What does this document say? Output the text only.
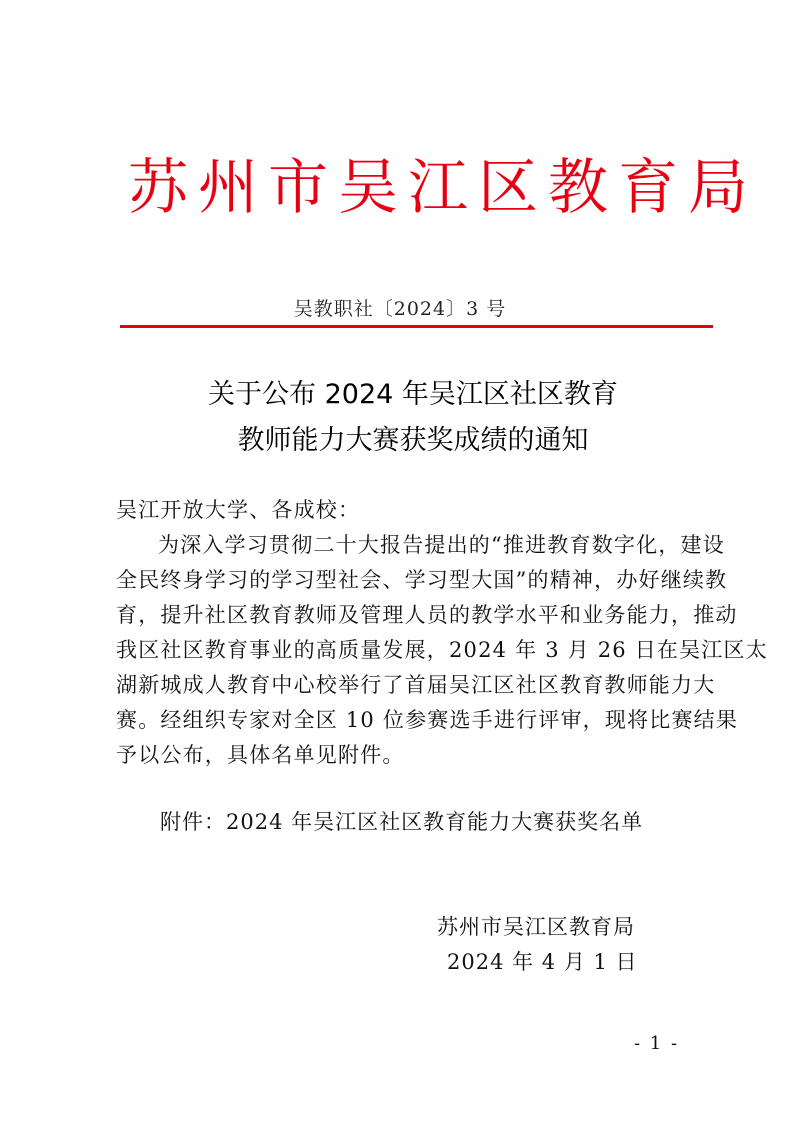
苏州市吴江区教育局
吴教职社〔2024〕3 号
关于公布 2024 年吴江区社区教育
教师能力大赛获奖成绩的通知
吴江开放大学、各成校：
为深入学习贯彻二十大报告提出的“推进教育数字化，建设
全民终身学习的学习型社会、学习型大国”的精神，办好继续教
育，提升社区教育教师及管理人员的教学水平和业务能力，推动
我区社区教育事业的高质量发展，2024 年 3 月 26 日在吴江区太
湖新城成人教育中心校举行了首届吴江区社区教育教师能力大
赛。经组织专家对全区 10 位参赛选手进行评审，现将比赛结果
予以公布，具体名单见附件。
附件：2024 年吴江区社区教育能力大赛获奖名单
苏州市吴江区教育局
2024 年 4 月 1 日
- 1 -
